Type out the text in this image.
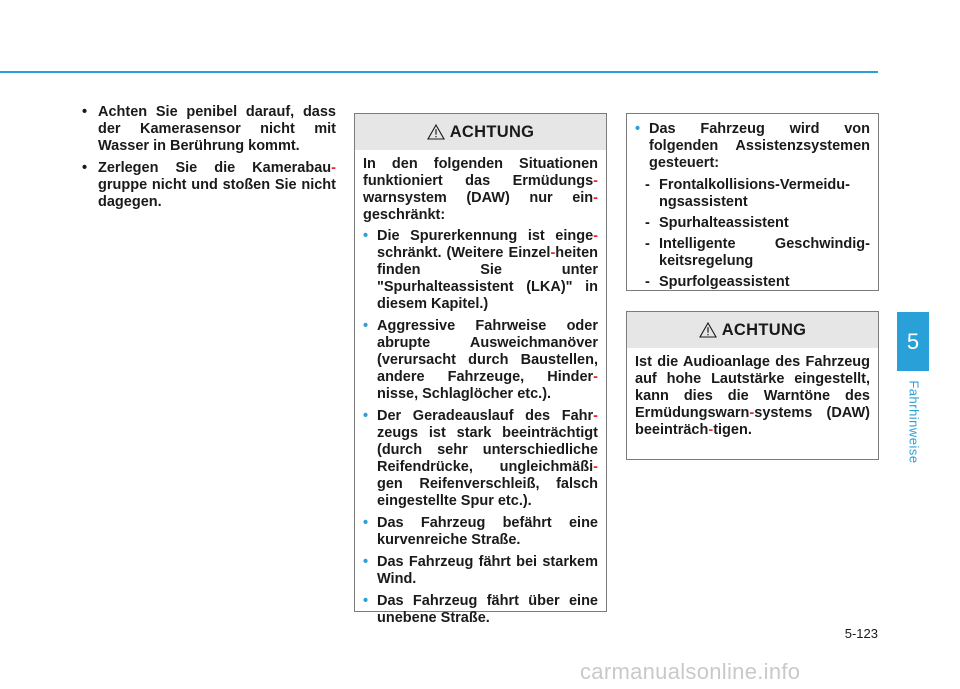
• Achten Sie penibel darauf, dass der Kamerasensor nicht mit Wasser in Berührung kommt.
• Zerlegen Sie die Kamerabau-gruppe nicht und stoßen Sie nicht dagegen.
ACHTUNG

In den folgenden Situationen funktioniert das Ermüdungs-warnsystem (DAW) nur ein-geschränkt:

• Die Spurerkennung ist einge-schränkt. (Weitere Einzel-heiten finden Sie unter "Spurhalteassistent (LKA)" in diesem Kapitel.)
• Aggressive Fahrweise oder abrupte Ausweichmanöver (verursacht durch Baustellen, andere Fahrzeuge, Hinder-nisse, Schlaglöcher etc.).
• Der Geradeauslauf des Fahr-zeugs ist stark beeinträchtigt (durch sehr unterschiedliche Reifendrücke, ungleichmäßi-gen Reifenverschleiß, falsch eingestellte Spur etc.).
• Das Fahrzeug befährt eine kurvenreiche Straße.
• Das Fahrzeug fährt bei starkem Wind.
• Das Fahrzeug fährt über eine unebene Straße.
• Das Fahrzeug wird von folgenden Assistenzsystemen gesteuert:

- Frontalkollisions-Vermeidu-ngsassistent

- Spurhalteassistent

- Intelligente Geschwindig-keitsregelung

- Spurfolgeassistent

ACHTUNG

Ist die Audioanlage des Fahrzeug auf hohe Lautstärke eingestellt, kann dies die Warntöne des Ermüdungswarn-systems (DAW) beeinträch-tigen.

5
Fahrhinweise
5-123
carmanualsonline.info
